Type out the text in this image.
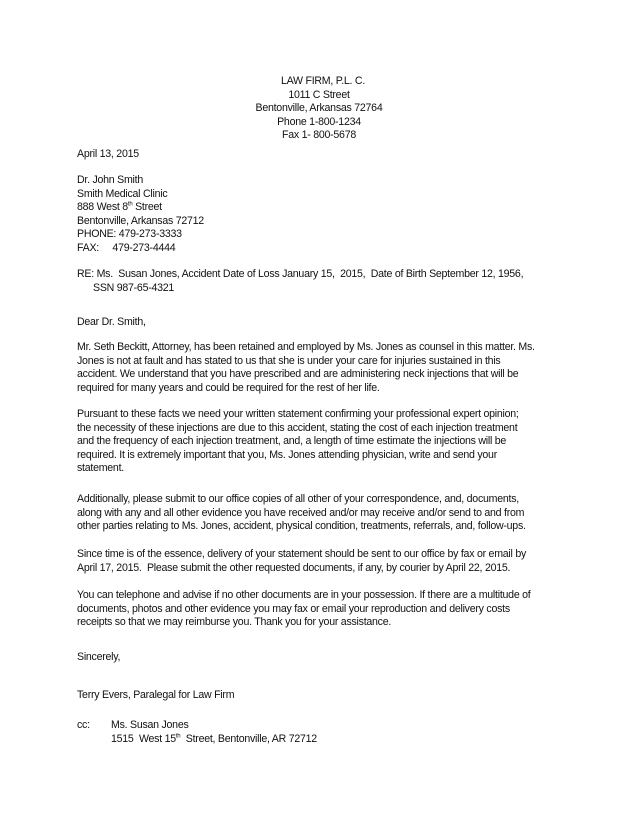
LAW FIRM, P.L. C.
1011 C Street
Bentonville, Arkansas 72764
Phone 1-800-1234
Fax 1- 800-5678
April 13, 2015
Dr. John Smith
Smith Medical Clinic
888 West 8th Street
Bentonville, Arkansas 72712
PHONE: 479-273-3333
FAX:     479-273-4444
RE: Ms.  Susan Jones, Accident Date of Loss January 15,  2015,  Date of Birth September 12, 1956,
SSN 987-65-4321
Dear Dr. Smith,
Mr. Seth Beckitt, Attorney, has been retained and employed by Ms. Jones as counsel in this matter. Ms.
Jones is not at fault and has stated to us that she is under your care for injuries sustained in this
accident. We understand that you have prescribed and are administering neck injections that will be
required for many years and could be required for the rest of her life.
Pursuant to these facts we need your written statement confirming your professional expert opinion;
the necessity of these injections are due to this accident, stating the cost of each injection treatment
and the frequency of each injection treatment, and, a length of time estimate the injections will be
required. It is extremely important that you, Ms. Jones attending physician, write and send your
statement.
Additionally, please submit to our office copies of all other of your correspondence, and, documents,
along with any and all other evidence you have received and/or may receive and/or send to and from
other parties relating to Ms. Jones, accident, physical condition, treatments, referrals, and, follow-ups.
Since time is of the essence, delivery of your statement should be sent to our office by fax or email by
April 17, 2015.  Please submit the other requested documents, if any, by courier by April 22, 2015.
You can telephone and advise if no other documents are in your possession. If there are a multitude of
documents, photos and other evidence you may fax or email your reproduction and delivery costs
receipts so that we may reimburse you. Thank you for your assistance.
Sincerely,
Terry Evers, Paralegal for Law Firm
cc: Ms. Susan Jones
1515  West 15th  Street, Bentonville, AR 72712
